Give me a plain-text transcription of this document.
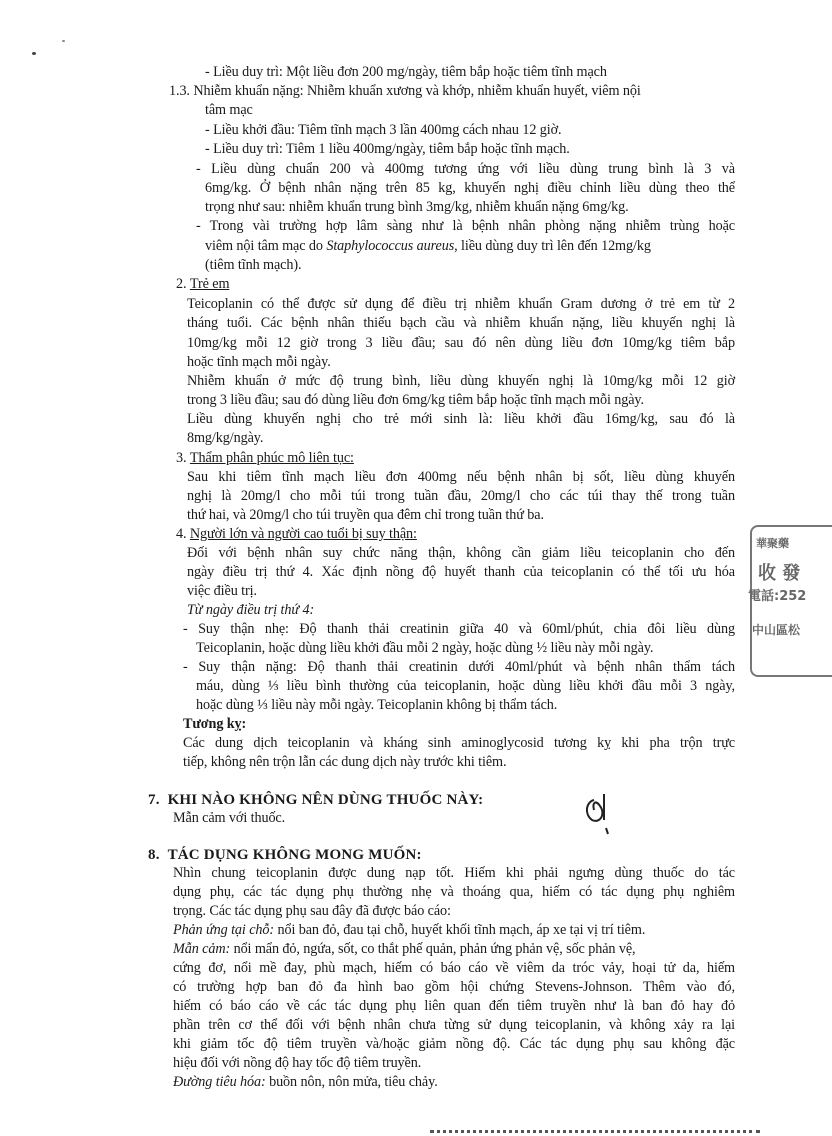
- Liều duy trì: Một liều đơn 200 mg/ngày, tiêm bắp hoặc tiêm tĩnh mạch
1.3. Nhiễm khuẩn nặng: Nhiễm khuẩn xương và khớp, nhiễm khuẩn huyết, viêm nội
tâm mạc
- Liều khởi đầu: Tiêm tĩnh mạch 3 lần 400mg cách nhau 12 giờ.
- Liều duy trì: Tiêm 1 liều 400mg/ngày, tiêm bắp hoặc tĩnh mạch.
- Liều dùng chuẩn 200 và 400mg tương ứng với liều dùng trung bình là 3 và
6mg/kg. Ở bệnh nhân nặng trên 85 kg, khuyến nghị điều chỉnh liều dùng theo thể
trọng như sau: nhiễm khuẩn trung bình 3mg/kg, nhiễm khuẩn nặng 6mg/kg.
- Trong vài trường hợp lâm sàng như là bệnh nhân phòng nặng nhiễm trùng hoặc
viêm nội tâm mạc do
Staphylococcus aureus , liều dùng duy trì lên đến 12mg/kg
(tiêm tĩnh mạch).
2. Trẻ em
Teicoplanin có thể được sử dụng để điều trị nhiễm khuẩn Gram dương ở trẻ em từ 2
tháng tuổi. Các bệnh nhân thiếu bạch cầu và nhiễm khuẩn nặng, liều khuyến nghị là
10mg/kg mỗi 12 giờ trong 3 liều đầu; sau đó nên dùng liều đơn 10mg/kg tiêm bắp
hoặc tĩnh mạch mỗi ngày.
Nhiễm khuẩn ở mức độ trung bình, liều dùng khuyến nghị là 10mg/kg mỗi 12 giờ
trong 3 liều đầu; sau đó dùng liều đơn 6mg/kg tiêm bắp hoặc tĩnh mạch mỗi ngày.
Liều dùng khuyến nghị cho trẻ mới sinh là: liều khởi đầu 16mg/kg, sau đó là
8mg/kg/ngày.
3. Thẩm phân phúc mô liên tục:
Sau khi tiêm tĩnh mạch liều đơn 400mg nếu bệnh nhân bị sốt, liều dùng khuyến
nghị là 20mg/l cho mỗi túi trong tuần đầu, 20mg/l cho các túi thay thế trong tuần
thứ hai, và 20mg/l cho túi truyền qua đêm chỉ trong tuần thứ ba.
4. Người lớn và người cao tuổi bị suy thận:
Đối với bệnh nhân suy chức năng thận, không cần giảm liều teicoplanin cho đến
ngày điều trị thứ 4. Xác định nồng độ huyết thanh của teicoplanin có thể tối ưu hóa
việc điều trị.
Từ ngày điều trị thứ 4:
- Suy thận nhẹ: Độ thanh thải creatinin giữa 40 và 60ml/phút, chia đôi liều dùng
Teicoplanin, hoặc dùng liều khởi đầu mỗi 2 ngày, hoặc dùng ½ liều này mỗi ngày.
- Suy thận nặng: Độ thanh thải creatinin dưới 40ml/phút và bệnh nhân thẩm tách
máu, dùng ⅓ liều bình thường của teicoplanin, hoặc dùng liều khởi đầu mỗi 3 ngày,
hoặc dùng ⅓ liều này mỗi ngày. Teicoplanin không bị thẩm tách.
Tương kỵ:
Các dung dịch teicoplanin và kháng sinh aminoglycosid tương kỵ khi pha trộn trực
tiếp, không nên trộn lẫn các dung dịch này trước khi tiêm.
7. KHI NÀO KHÔNG NÊN DÙNG THUỐC NÀY:
Mẫn cảm với thuốc.
8. TÁC DỤNG KHÔNG MONG MUỐN:
Nhìn chung teicoplanin được dung nạp tốt. Hiếm khi phải ngưng dùng thuốc do tác
dụng phụ, các tác dụng phụ thường nhẹ và thoáng qua, hiếm có tác dụng phụ nghiêm
trọng. Các tác dụng phụ sau đây đã được báo cáo:
Phản ứng tại chỗ: nổi ban đỏ, đau tại chỗ, huyết khối tĩnh mạch, áp xe tại vị trí tiêm.
Mẫn cảm: nổi mẩn đỏ, ngứa, sốt, co thắt phế quản, phản ứng phản vệ, sốc phản vệ,
cứng đơ, nổi mề đay, phù mạch, hiếm có báo cáo về viêm da tróc vảy, hoại tử da, hiếm
có trường hợp ban đỏ đa hình bao gồm hội chứng Stevens-Johnson. Thêm vào đó,
hiếm có báo cáo về các tác dụng phụ liên quan đến tiêm truyền như là ban đỏ hay đỏ
phần trên cơ thể đối với bệnh nhân chưa từng sử dụng teicoplanin, và không xảy ra lại
khi giảm tốc độ tiêm truyền và/hoặc giảm nồng độ. Các tác dụng phụ sau không đặc
hiệu đối với nồng độ hay tốc độ tiêm truyền.
Đường tiêu hóa: buồn nôn, nôn mửa, tiêu chảy.
華聚藥
收 發
電話:252
中山區松
